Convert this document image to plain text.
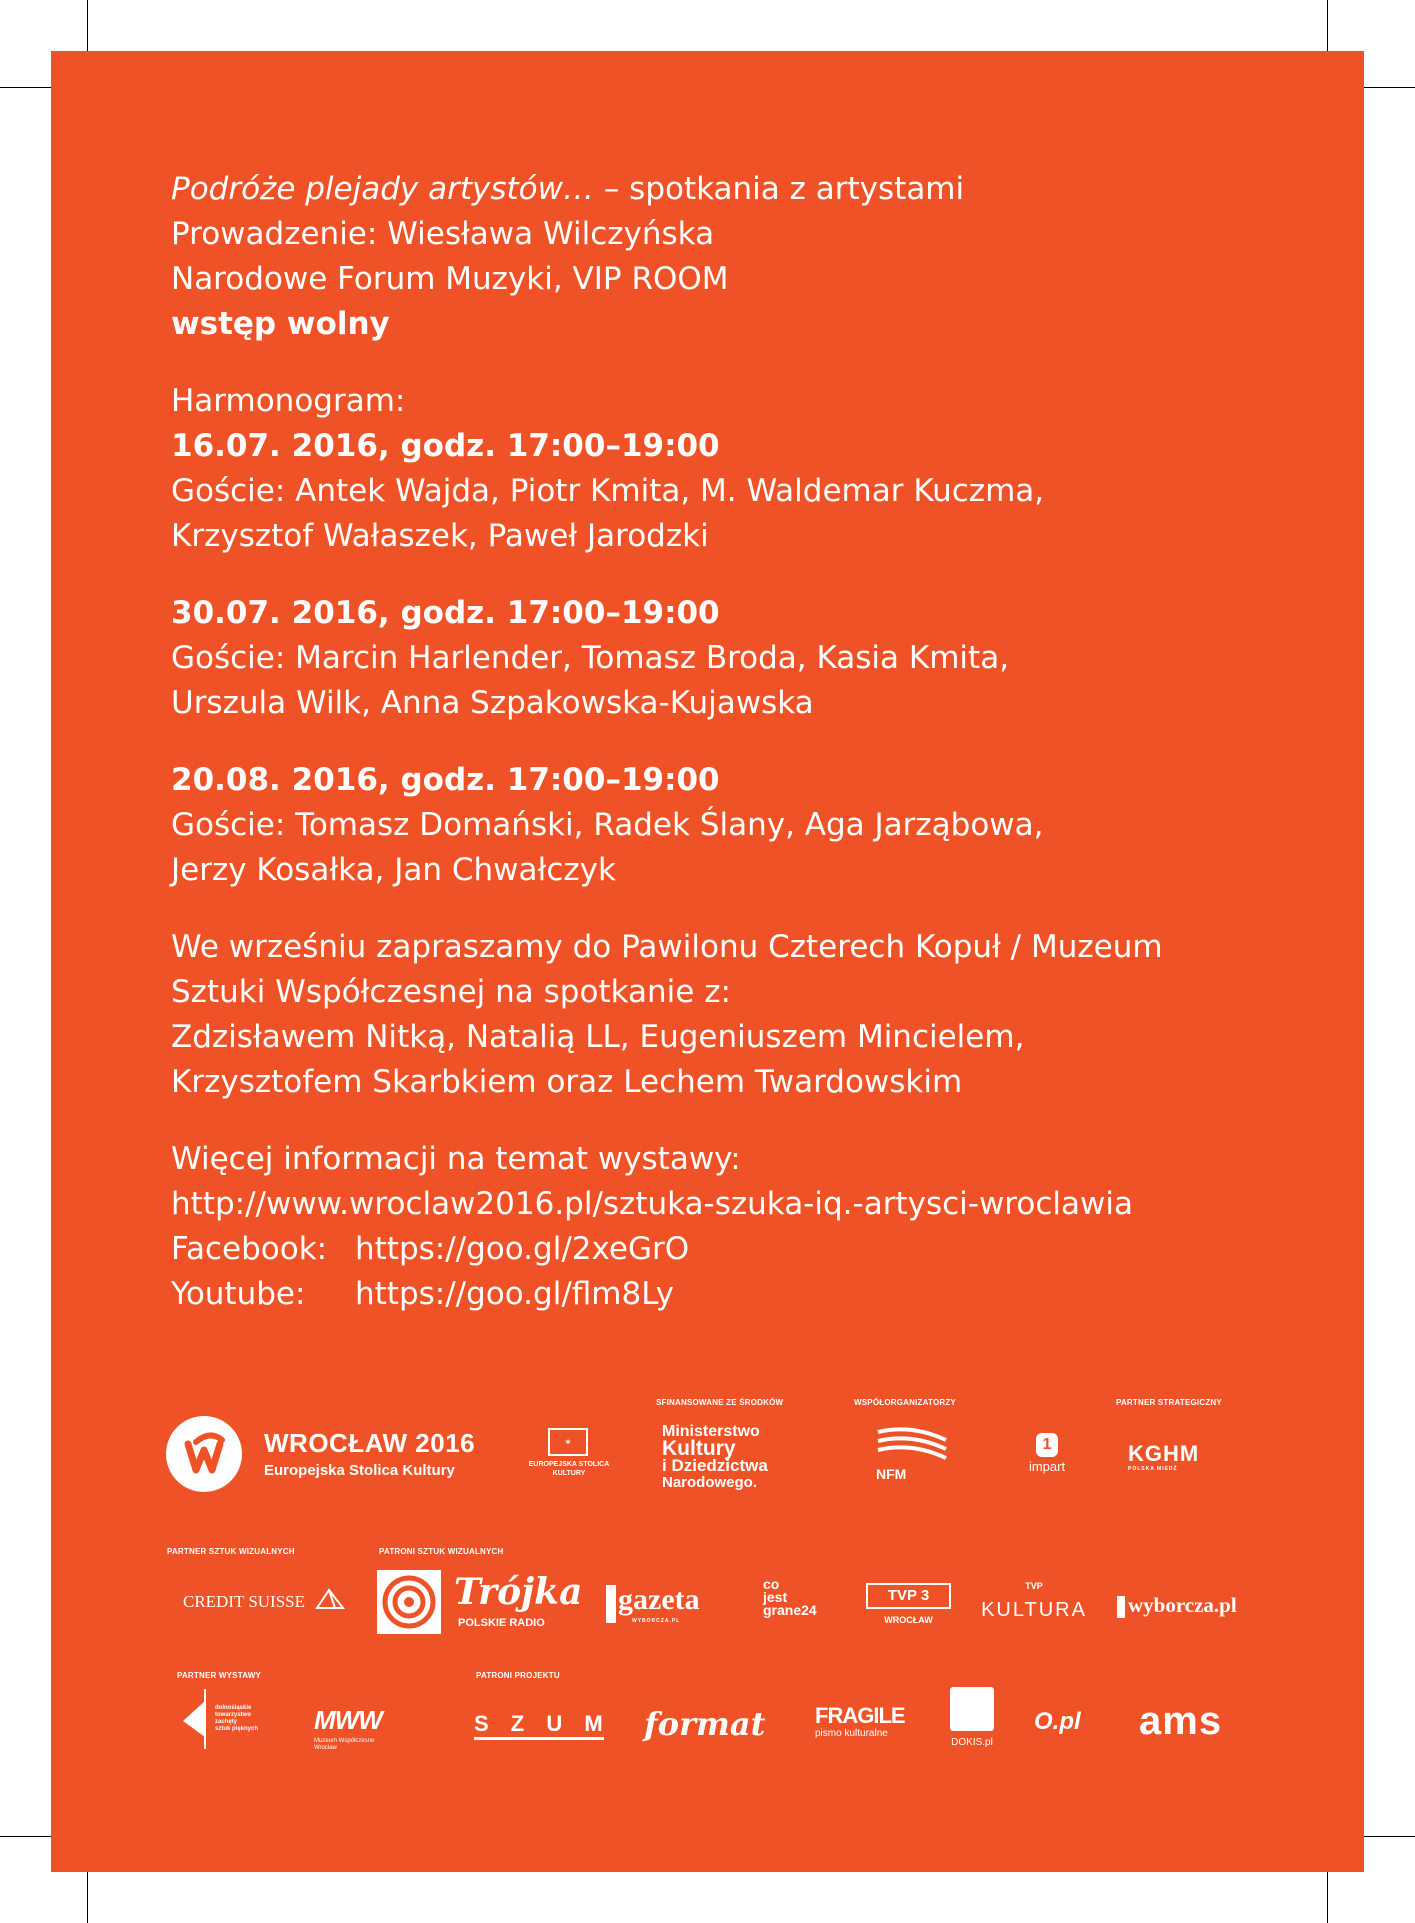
Podróże plejady artystów… – spotkania z artystami

Prowadzenie: Wiesława Wilczyńska

Narodowe Forum Muzyki, VIP ROOM

wstęp wolny

Harmonogram:

16.07. 2016, godz. 17:00–19:00

Goście: Antek Wajda, Piotr Kmita, M. Waldemar Kuczma,

Krzysztof Wałaszek, Paweł Jarodzki

30.07. 2016, godz. 17:00–19:00

Goście: Marcin Harlender, Tomasz Broda, Kasia Kmita,

Urszula Wilk, Anna Szpakowska-Kujawska

20.08. 2016, godz. 17:00–19:00

Goście: Tomasz Domański, Radek Ślany, Aga Jarząbowa,

Jerzy Kosałka, Jan Chwałczyk

We wrześniu zapraszamy do Pawilonu Czterech Kopuł / Muzeum

Sztuki Współczesnej na spotkanie z:

Zdzisławem Nitką, Natalią LL, Eugeniuszem Mincielem,

Krzysztofem Skarbkiem oraz Lechem Twardowskim

Więcej informacji na temat wystawy:

http://www.wroclaw2016.pl/sztuka-szuka-iq.-artysci-wroclawia

Facebook: https://goo.gl/2xeGrO
Youtube:	https://goo.gl/flm8Ly
SFINANSOWANE ZE ŚRODKÓW	WSPÓŁORGANIZATORZY	PARTNER STRATEGICZNY
WROCŁAW 2016
Europejska Stolica Kultury
✶
EUROPEJSKA STOLICA KULTURY
Ministerstwo
Kultury
i Dziedzictwa
Narodowego.	NFM
1
impart
KGHM
POLSKA MIEDŹ
PARTNER SZTUK WIZUALNYCH	PATRONI SZTUK WIZUALNYCH
CREDIT SUISSE	Trójka
POLSKIE RADIO
gazeta
WYBORCZA.PL
co
jest
grane24
TVP 3
WROCŁAW
TVP
KULTURA wyborcza.pl
PARTNER WYSTAWY	PATRONI PROJEKTU
dolnośląskie
towarzystwo
zachęty
sztuk pięknych MWW
Muzeum Współczesne Wrocław
S Z U M format	FRAGILE
pismo kulturalne
DOKIS.pl
O.pl	ams
